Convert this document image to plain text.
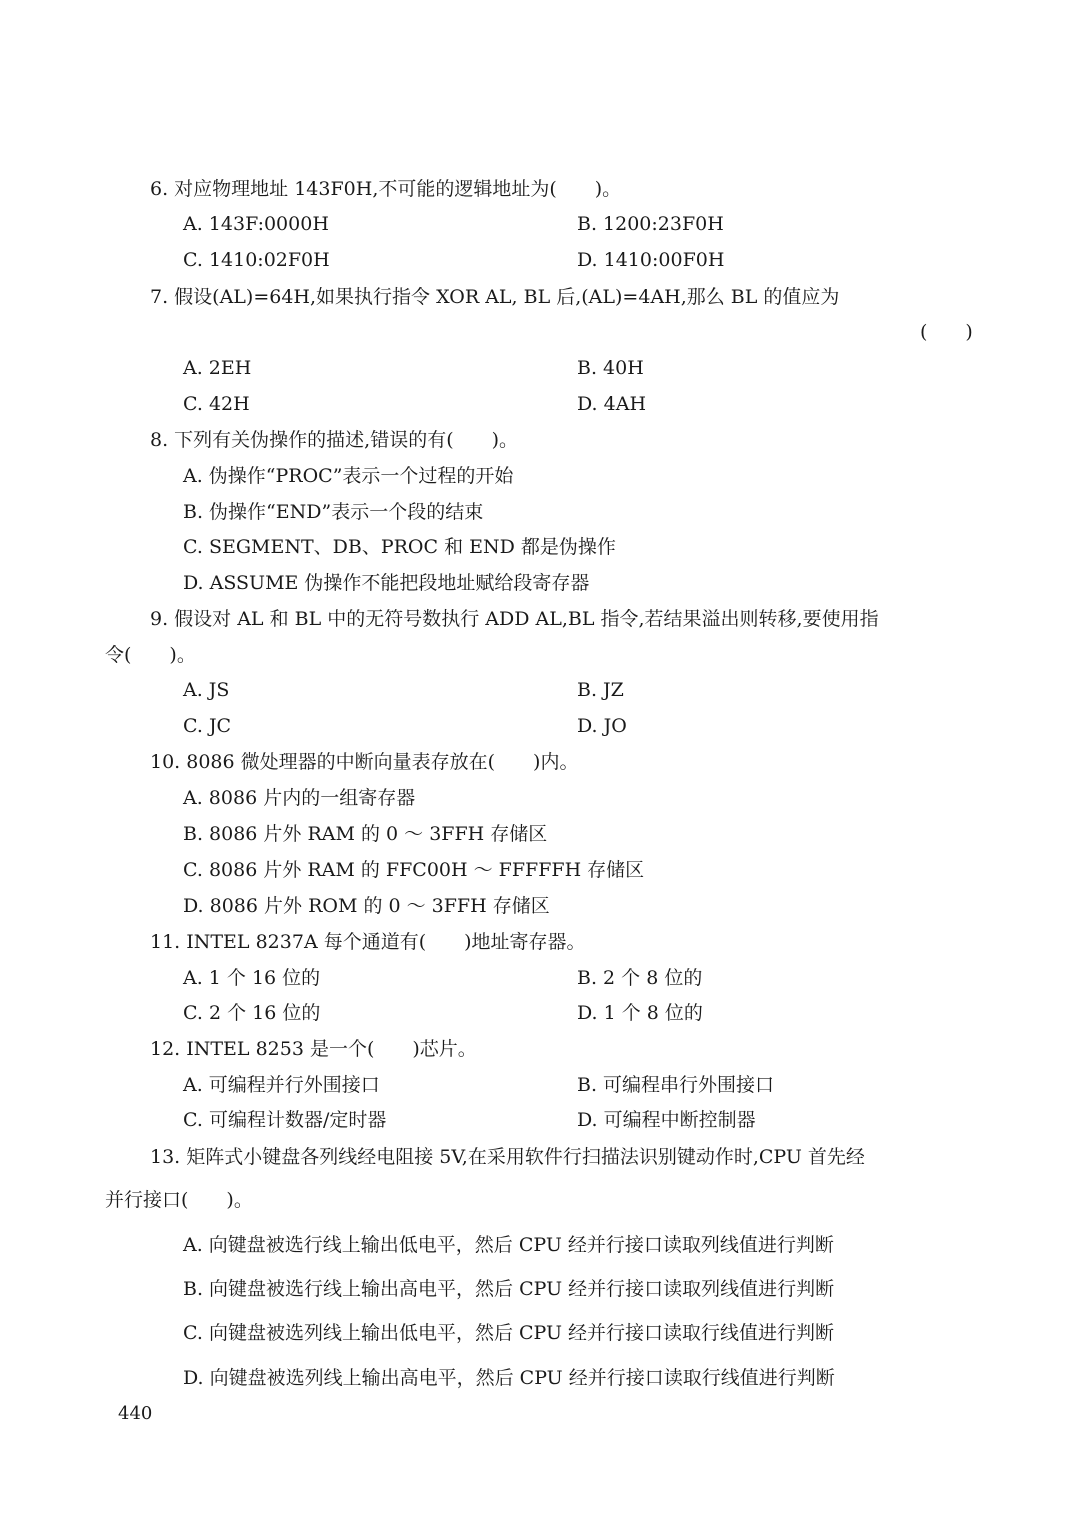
6. 对应物理地址 143F0H,不可能的逻辑地址为(　　)。
A. 143F:0000H	B. 1200:23F0H
C. 1410:02F0H	D. 1410:00F0H
7. 假设(AL)=64H,如果执行指令 XOR AL, BL 后,(AL)=4AH,那么 BL 的值应为
(　　)
A. 2EH	B. 40H
C. 42H	D. 4AH
8. 下列有关伪操作的描述,错误的有(　　)。
A. 伪操作“PROC”表示一个过程的开始
B. 伪操作“END”表示一个段的结束
C. SEGMENT、DB、PROC 和 END 都是伪操作
D. ASSUME 伪操作不能把段地址赋给段寄存器
9. 假设对 AL 和 BL 中的无符号数执行 ADD AL,BL 指令,若结果溢出则转移,要使用指
令(　　)。
A. JS	B. JZ
C. JC	D. JO
10. 8086 微处理器的中断向量表存放在(　　)内。
A. 8086 片内的一组寄存器
B. 8086 片外 RAM 的 0 ～ 3FFH 存储区
C. 8086 片外 RAM 的 FFC00H ～ FFFFFH 存储区
D. 8086 片外 ROM 的 0 ～ 3FFH 存储区
11. INTEL 8237A 每个通道有(　　)地址寄存器。
A. 1 个 16 位的	B. 2 个 8 位的
C. 2 个 16 位的	D. 1 个 8 位的
12. INTEL 8253 是一个(　　)芯片。
A. 可编程并行外围接口	B. 可编程串行外围接口
C. 可编程计数器/定时器	D. 可编程中断控制器
13. 矩阵式小键盘各列线经电阻接 5V,在采用软件行扫描法识别键动作时,CPU 首先经
并行接口(　　)。
A. 向键盘被选行线上输出低电平，然后 CPU 经并行接口读取列线值进行判断
B. 向键盘被选行线上输出高电平，然后 CPU 经并行接口读取列线值进行判断
C. 向键盘被选列线上输出低电平，然后 CPU 经并行接口读取行线值进行判断
D. 向键盘被选列线上输出高电平，然后 CPU 经并行接口读取行线值进行判断
440
